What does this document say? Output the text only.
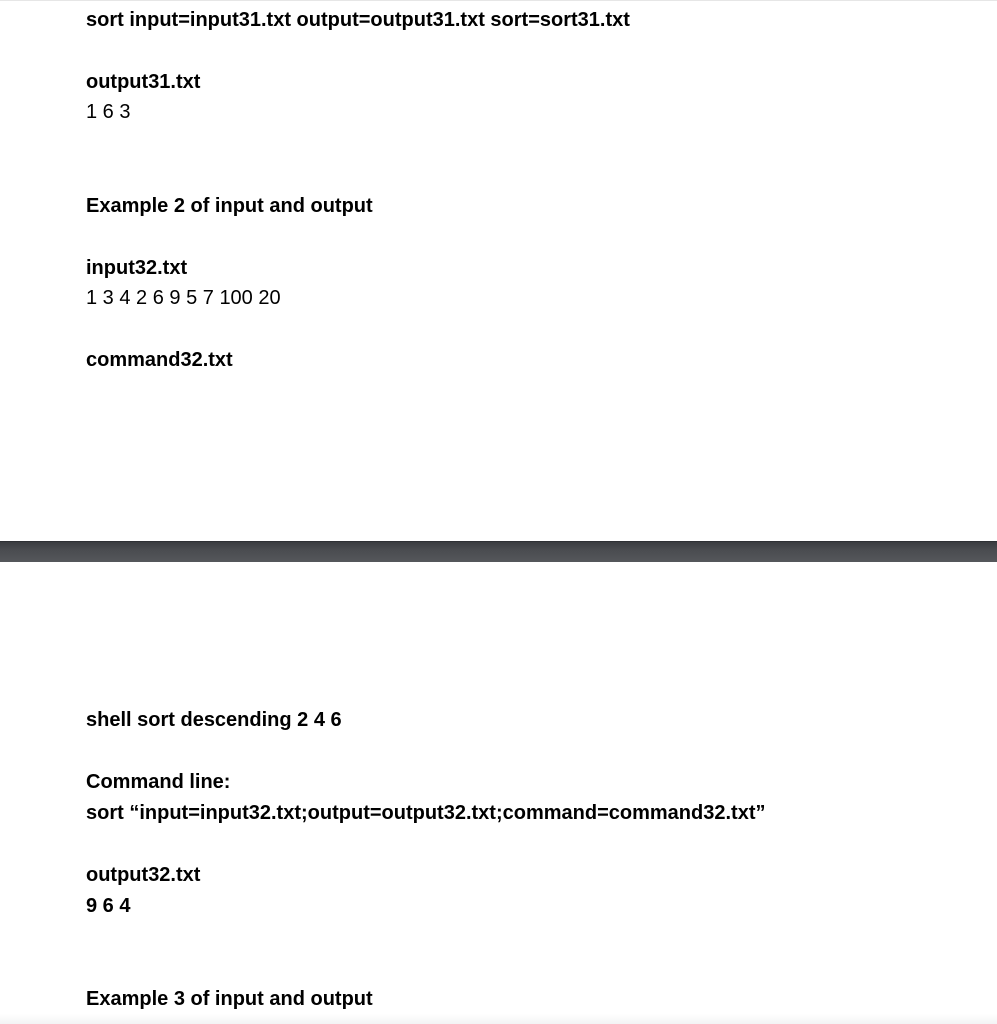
sort input=input31.txt output=output31.txt sort=sort31.txt
output31.txt
1 6 3
Example 2 of input and output
input32.txt
1 3 4 2 6 9 5 7 100 20
command32.txt
shell sort descending 2 4 6
Command line:
sort “input=input32.txt;output=output32.txt;command=command32.txt”
output32.txt
9 6 4
Example 3 of input and output
